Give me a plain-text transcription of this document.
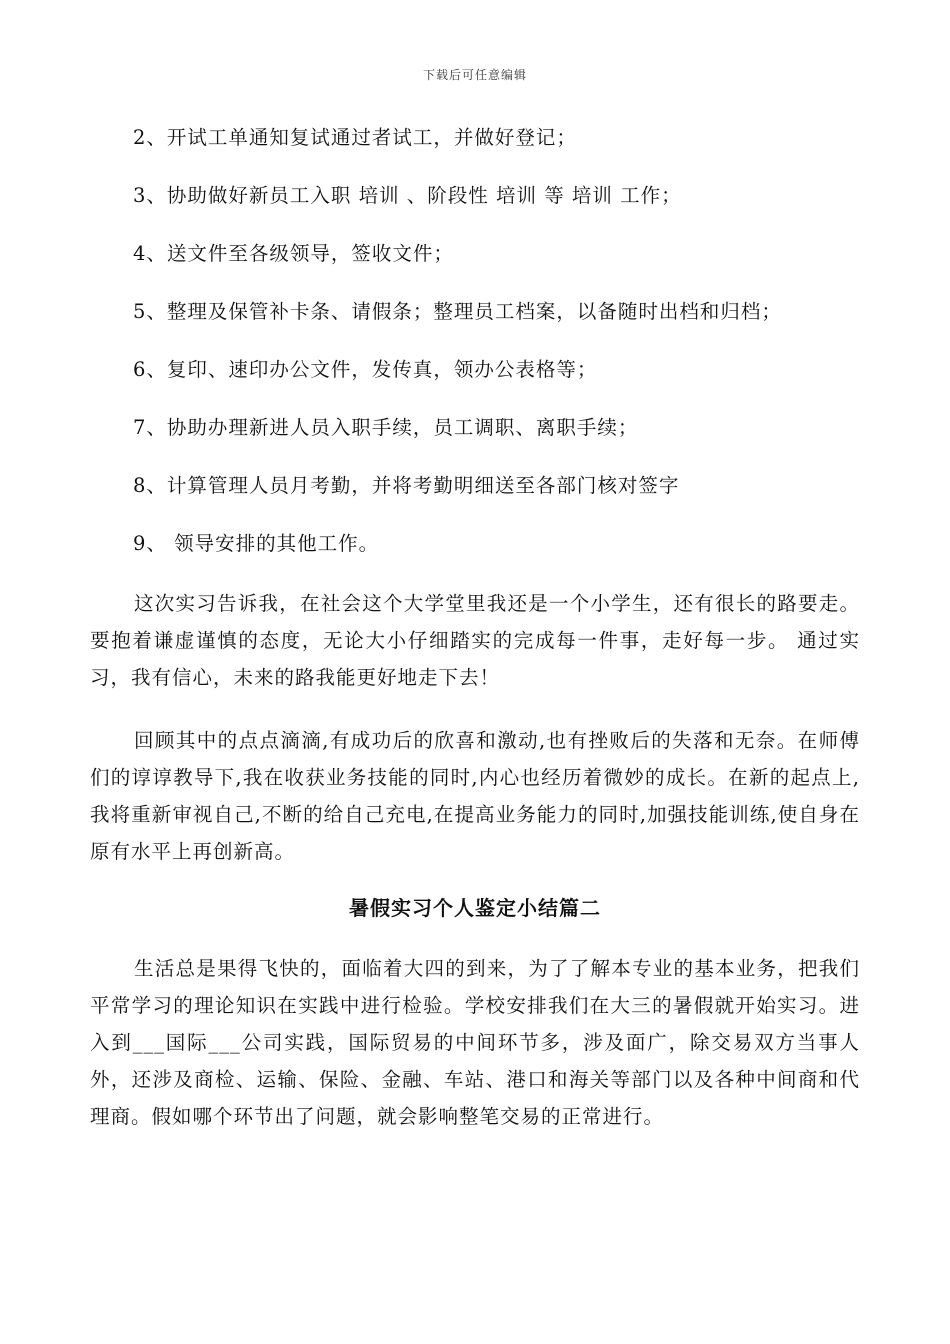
下载后可任意编辑
2、开试工单通知复试通过者试工，并做好登记；
3、协助做好新员工入职 培训 、阶段性 培训 等 培训 工作；
4、送文件至各级领导，签收文件；
5、整理及保管补卡条、请假条；整理员工档案，以备随时出档和归档；
6、复印、速印办公文件，发传真，领办公表格等；
7、协助办理新进人员入职手续，员工调职、离职手续；
8、计算管理人员月考勤，并将考勤明细送至各部门核对签字
9、 领导安排的其他工作。

这次实习告诉我，在社会这个大学堂里我还是一个小学生，还有很长的路要走。要抱着谦虚谨慎的态度，无论大小仔细踏实的完成每一件事，走好每一步。 通过实习，我有信心，未来的路我能更好地走下去！

回顾其中的点点滴滴,有成功后的欣喜和激动,也有挫败后的失落和无奈。在师傅们的谆谆教导下,我在收获业务技能的同时,内心也经历着微妙的成长。在新的起点上,我将重新审视自己,不断的给自己充电,在提高业务能力的同时,加强技能训练,使自身在原有水平上再创新高。

暑假实习个人鉴定小结篇二

生活总是果得飞快的，面临着大四的到来，为了了解本专业的基本业务，把我们平常学习的理论知识在实践中进行检验。学校安排我们在大三的暑假就开始实习。进入到___国际___公司实践，国际贸易的中间环节多，涉及面广，除交易双方当事人外，还涉及商检、运输、保险、金融、车站、港口和海关等部门以及各种中间商和代理商。假如哪个环节出了问题，就会影响整笔交易的正常进行。
